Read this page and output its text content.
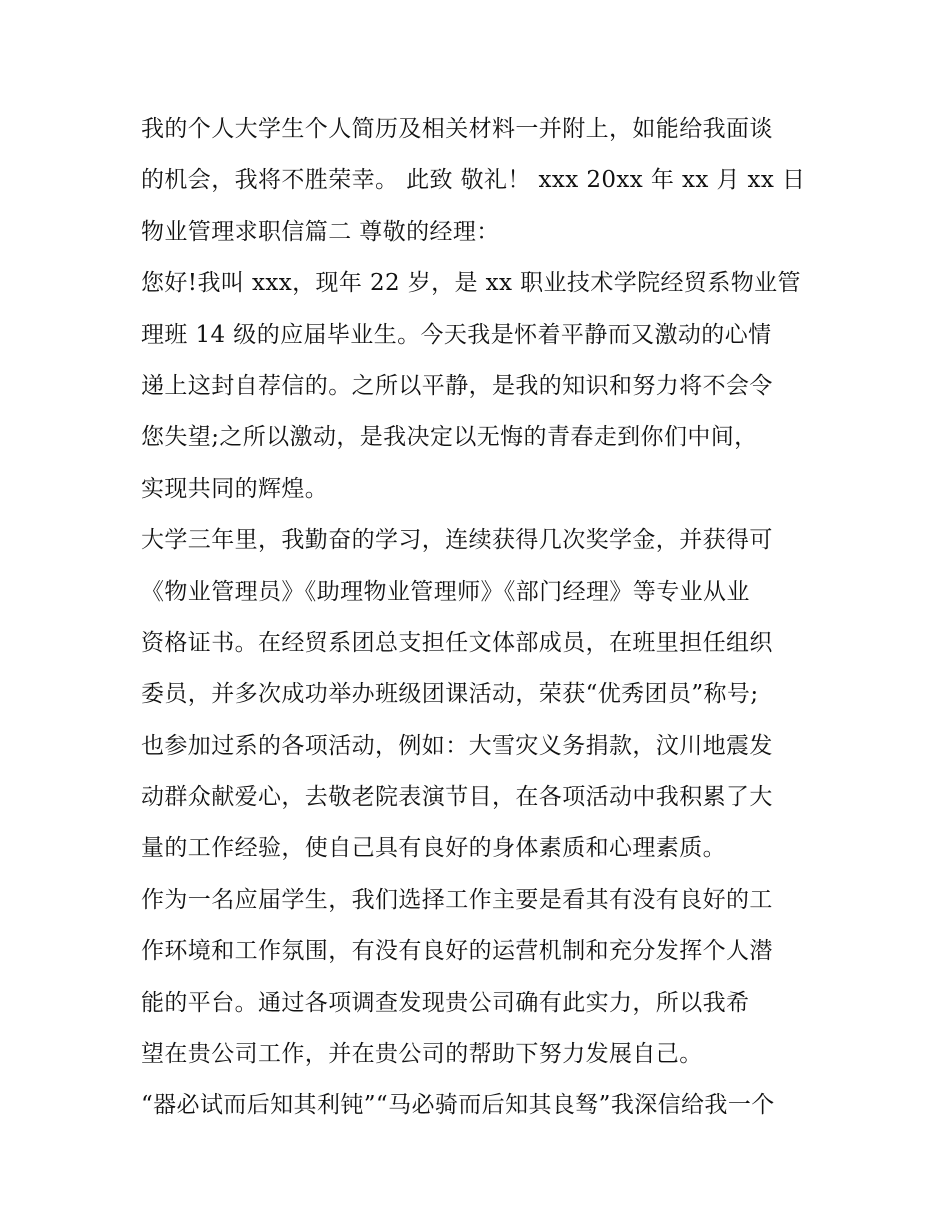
我的个人大学生个人简历及相关材料一并附上，如能给我面谈
的机会，我将不胜荣幸。 此致 敬礼！ xxx 20xx 年 xx 月 xx 日
物业管理求职信篇二 尊敬的经理：
您好!我叫 xxx，现年 22 岁，是 xx 职业技术学院经贸系物业管
理班 14 级的应届毕业生。今天我是怀着平静而又激动的心情
递上这封自荐信的。之所以平静，是我的知识和努力将不会令
您失望;之所以激动，是我决定以无悔的青春走到你们中间，
实现共同的辉煌。
大学三年里，我勤奋的学习，连续获得几次奖学金，并获得可
《物业管理员》《助理物业管理师》《部门经理》等专业从业
资格证书。在经贸系团总支担任文体部成员，在班里担任组织
委员，并多次成功举办班级团课活动，荣获“优秀团员”称号;
也参加过系的各项活动，例如：大雪灾义务捐款，汶川地震发
动群众献爱心，去敬老院表演节目，在各项活动中我积累了大
量的工作经验，使自己具有良好的身体素质和心理素质。
作为一名应届学生，我们选择工作主要是看其有没有良好的工
作环境和工作氛围，有没有良好的运营机制和充分发挥个人潜
能的平台。通过各项调查发现贵公司确有此实力，所以我希
望在贵公司工作，并在贵公司的帮助下努力发展自己。
“器必试而后知其利钝”“马必骑而后知其良驽”我深信给我一个
